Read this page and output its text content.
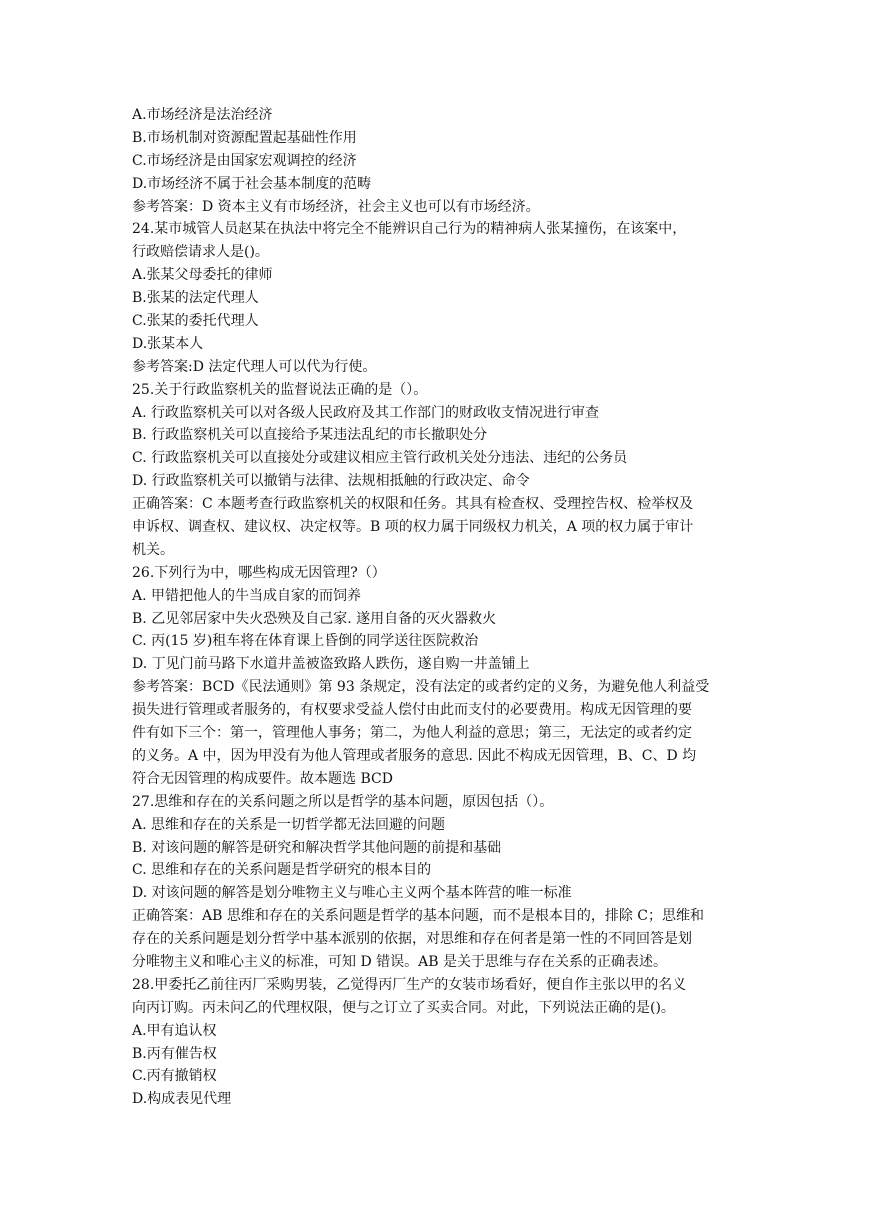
A.市场经济是法治经济
B.市场机制对资源配置起基础性作用
C.市场经济是由国家宏观调控的经济
D.市场经济不属于社会基本制度的范畴
参考答案：D 资本主义有市场经济，社会主义也可以有市场经济。
24.某市城管人员赵某在执法中将完全不能辨识自己行为的精神病人张某撞伤，在该案中，
行政赔偿请求人是()。
A.张某父母委托的律师
B.张某的法定代理人
C.张某的委托代理人
D.张某本人
参考答案:D 法定代理人可以代为行使。
25.关于行政监察机关的监督说法正确的是（）。
A. 行政监察机关可以对各级人民政府及其工作部门的财政收支情况进行审查
B. 行政监察机关可以直接给予某违法乱纪的市长撤职处分
C. 行政监察机关可以直接处分或建议相应主管行政机关处分违法、违纪的公务员
D. 行政监察机关可以撤销与法律、法规相抵触的行政决定、命令
正确答案：C 本题考查行政监察机关的权限和任务。其具有检查权、受理控告权、检举权及
申诉权、调查权、建议权、决定权等。B 项的权力属于同级权力机关，A 项的权力属于审计
机关。
26.下列行为中，哪些构成无因管理?（）
A. 甲错把他人的牛当成自家的而饲养
B. 乙见邻居家中失火恐殃及自己家. 遂用自备的灭火器救火
C. 丙(15 岁)租车将在体育课上昏倒的同学送往医院救治
D. 丁见门前马路下水道井盖被盗致路人跌伤，遂自购一井盖铺上
参考答案：BCD《民法通则》第 93 条规定，没有法定的或者约定的义务，为避免他人利益受
损失进行管理或者服务的，有权要求受益人偿付由此而支付的必要费用。构成无因管理的要
件有如下三个：第一，管理他人事务；第二，为他人利益的意思；第三，无法定的或者约定
的义务。A 中，因为甲没有为他人管理或者服务的意思. 因此不构成无因管理，B、C、D 均
符合无因管理的构成要件。故本题选 BCD
27.思维和存在的关系问题之所以是哲学的基本问题，原因包括（）。
A. 思维和存在的关系是一切哲学都无法回避的问题
B. 对该问题的解答是研究和解决哲学其他问题的前提和基础
C. 思维和存在的关系问题是哲学研究的根本目的
D. 对该问题的解答是划分唯物主义与唯心主义两个基本阵营的唯一标准
正确答案：AB 思维和存在的关系问题是哲学的基本问题，而不是根本目的，排除 C；思维和
存在的关系问题是划分哲学中基本派别的依据，对思维和存在何者是第一性的不同回答是划
分唯物主义和唯心主义的标准，可知 D 错误。AB 是关于思维与存在关系的正确表述。
28.甲委托乙前往丙厂采购男装，乙觉得丙厂生产的女装市场看好，便自作主张以甲的名义
向丙订购。丙未问乙的代理权限，便与之订立了买卖合同。对此，下列说法正确的是()。
A.甲有追认权
B.丙有催告权
C.丙有撤销权
D.构成表见代理
